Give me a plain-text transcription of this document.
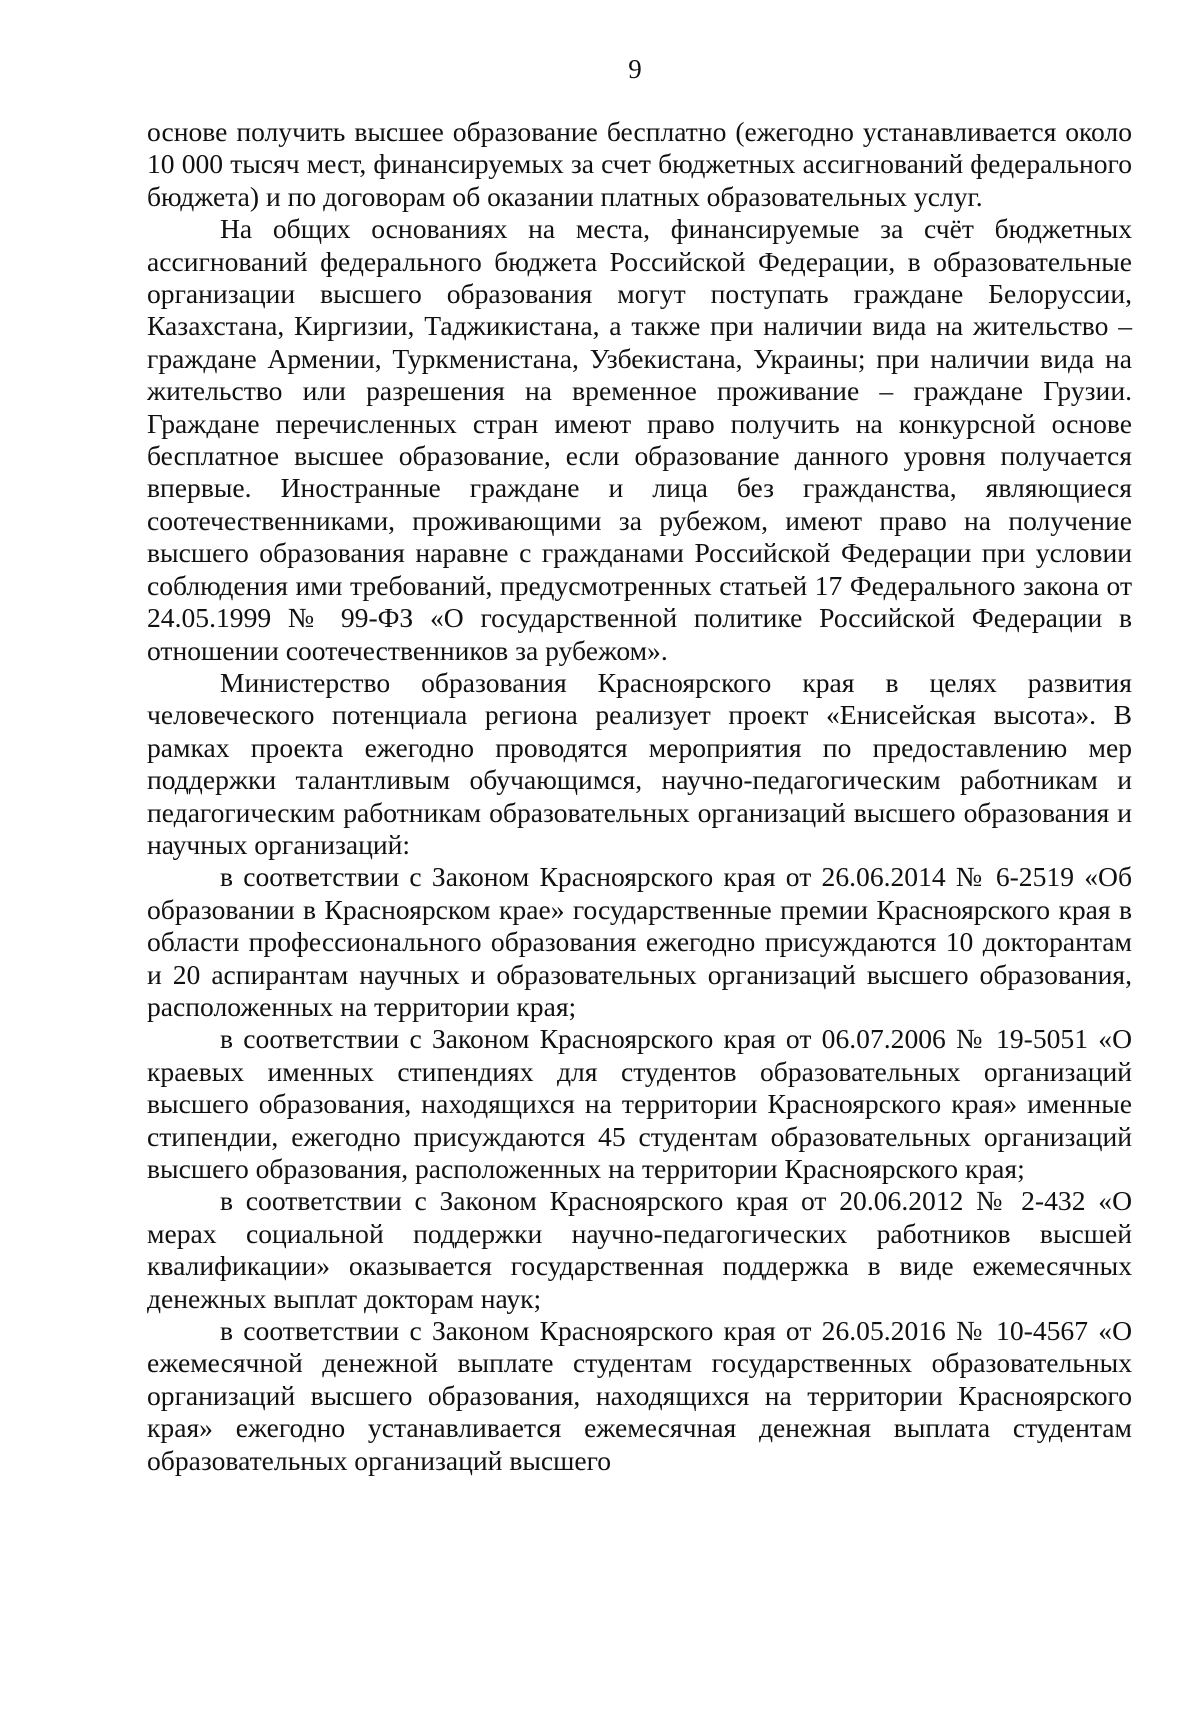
9

основе получить высшее образование бесплатно (ежегодно устанавливается около 10 000 тысяч мест, финансируемых за счет бюджетных ассигнований федерального бюджета) и по договорам об оказании платных образовательных услуг.

На общих основаниях на места, финансируемые за счёт бюджетных ассигнований федерального бюджета Российской Федерации, в образовательные организации высшего образования могут поступать граждане Белоруссии, Казахстана, Киргизии, Таджикистана, а также при наличии вида на жительство – граждане Армении, Туркменистана, Узбекистана, Украины; при наличии вида на жительство или разрешения на временное проживание – граждане Грузии. Граждане перечисленных стран имеют право получить на конкурсной основе бесплатное высшее образование, если образование данного уровня получается впервые. Иностранные граждане и лица без гражданства, являющиеся соотечественниками, проживающими за рубежом, имеют право на получение высшего образования наравне с гражданами Российской Федерации при условии соблюдения ими требований, предусмотренных статьей 17 Федерального закона от 24.05.1999 № 99-ФЗ «О государственной политике Российской Федерации в отношении соотечественников за рубежом».

Министерство образования Красноярского края в целях развития человеческого потенциала региона реализует проект «Енисейская высота». В рамках проекта ежегодно проводятся мероприятия по предоставлению мер поддержки талантливым обучающимся, научно-педагогическим работникам и педагогическим работникам образовательных организаций высшего образования и научных организаций:

в соответствии с Законом Красноярского края от 26.06.2014 № 6-2519 «Об образовании в Красноярском крае» государственные премии Красноярского края в области профессионального образования ежегодно присуждаются 10 докторантам и 20 аспирантам научных и образовательных организаций высшего образования, расположенных на территории края;

в соответствии с Законом Красноярского края от 06.07.2006 № 19-5051 «О краевых именных стипендиях для студентов образовательных организаций высшего образования, находящихся на территории Красноярского края» именные стипендии, ежегодно присуждаются 45 студентам образовательных организаций высшего образования, расположенных на территории Красноярского края;

в соответствии с Законом Красноярского края от 20.06.2012 № 2-432 «О мерах социальной поддержки научно-педагогических работников высшей квалификации» оказывается государственная поддержка в виде ежемесячных денежных выплат докторам наук;

в соответствии с Законом Красноярского края от 26.05.2016 № 10-4567 «О ежемесячной денежной выплате студентам государственных образовательных организаций высшего образования, находящихся на территории Красноярского края» ежегодно устанавливается ежемесячная денежная выплата студентам образовательных организаций высшего
